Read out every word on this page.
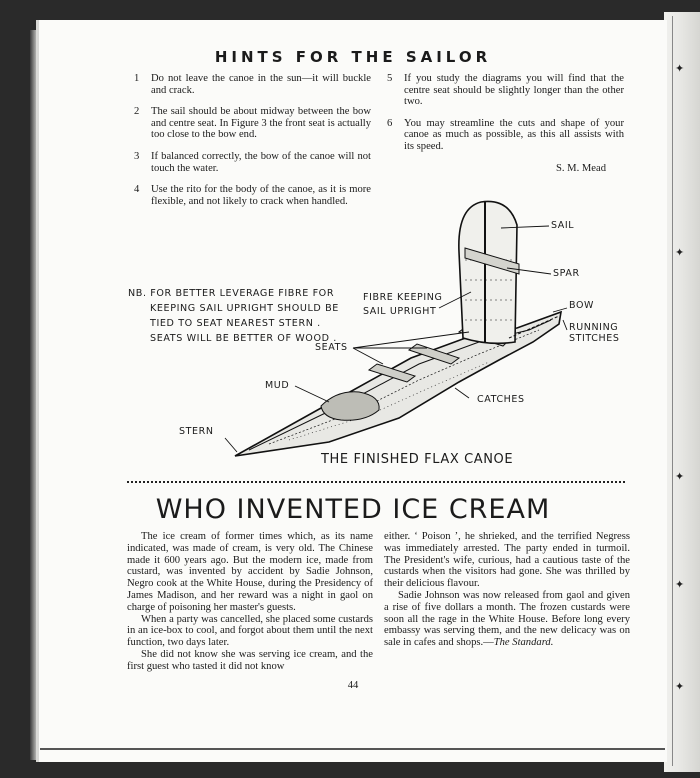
✦
✦
✦
✦
✦
HINTS FOR THE SAILOR
1 Do not leave the canoe in the sun—it will buckle and crack.
2 The sail should be about midway between the bow and centre seat. In Figure 3 the front seat is actually too close to the bow end.
3 If balanced correctly, the bow of the canoe will not touch the water.
4 Use the rito for the body of the canoe, as it is more flexible, and not likely to crack when handled.
5 If you study the diagrams you will find that the centre seat should be slightly longer than the other two.
6 You may streamline the cuts and shape of your canoe as much as possible, as this all assists with its speed.
S. M. Mead
NB. FOR BETTER LEVERAGE FIBRE FOR
KEEPING SAIL UPRIGHT SHOULD BE
TIED TO SEAT NEAREST STERN .
SEATS WILL BE BETTER OF WOOD .
SAIL
SPAR
BOW
RUNNING
STITCHES
FIBRE KEEPING
SAIL UPRIGHT
SEATS
MUD
CATCHES
STERN
THE FINISHED FLAX CANOE
WHO INVENTED ICE CREAM

The ice cream of former times which, as its name indicated, was made of cream, is very old. The Chinese made it 600 years ago. But the modern ice, made from custard, was invented by accident by Sadie Johnson, Negro cook at the White House, during the Presidency of James Madison, and her reward was a night in gaol on charge of poisoning her master's guests.

When a party was cancelled, she placed some custards in an ice-box to cool, and forgot about them until the next function, two days later.

She did not know she was serving ice cream, and the first guest who tasted it did not know

either. ‘ Poison ’, he shrieked, and the terrified Negress was immediately arrested. The party ended in turmoil. The President's wife, curious, had a cautious taste of the custards when the visitors had gone. She was thrilled by their delicious flavour.

Sadie Johnson was now released from gaol and given a rise of five dollars a month. The frozen custards were soon all the rage in the White House. Before long every embassy was serving them, and the new delicacy was on sale in cafes and shops.—The Standard.

44
